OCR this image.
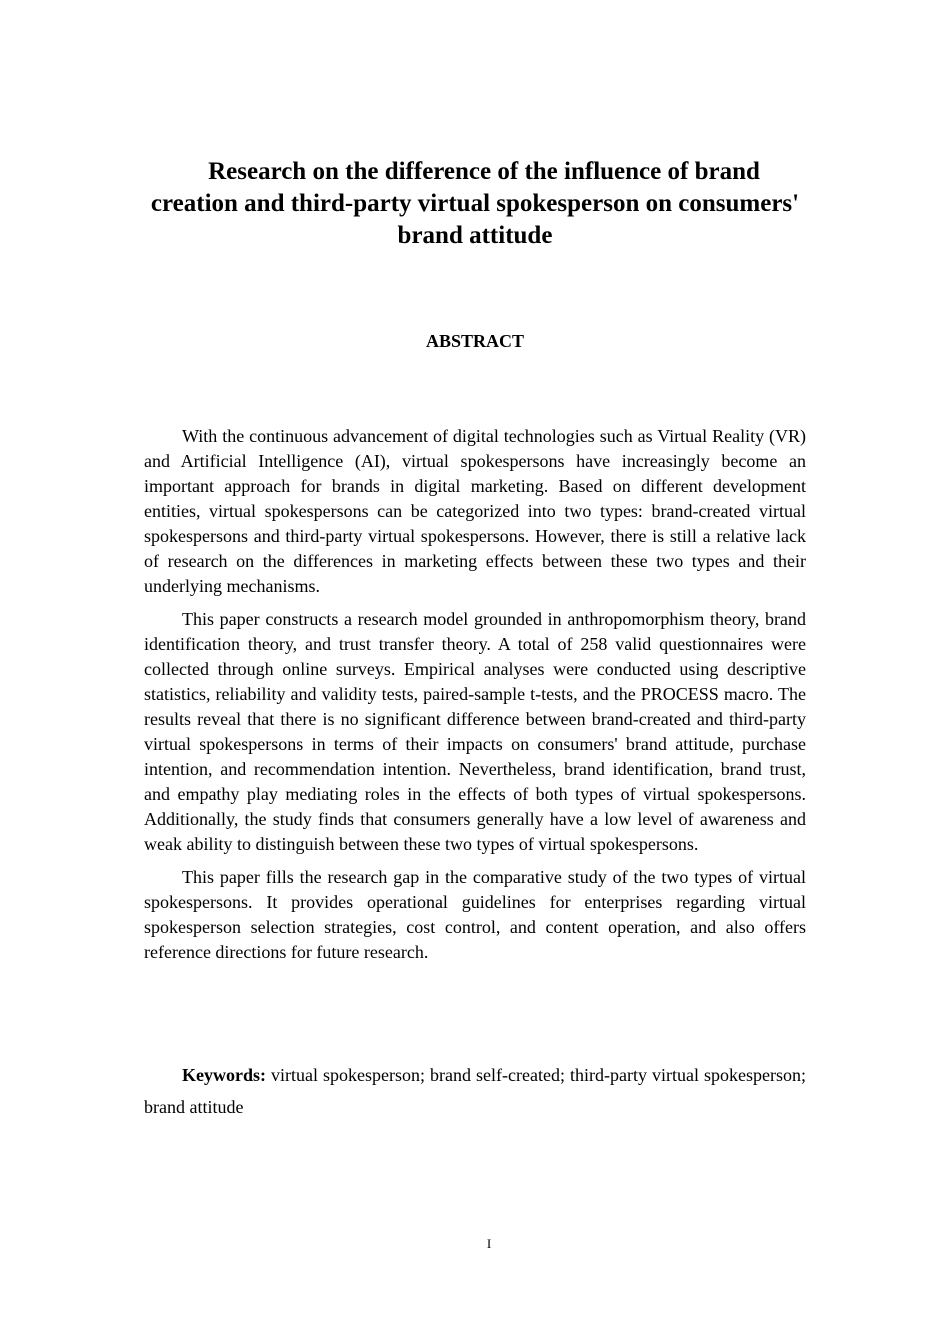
Research on the difference of the influence of brand
creation and third-party virtual spokesperson on consumers'
brand attitude
ABSTRACT

With the continuous advancement of digital technologies such as Virtual Reality (VR) and Artificial Intelligence (AI), virtual spokespersons have increasingly become an important approach for brands in digital marketing. Based on different development entities, virtual spokespersons can be categorized into two types: brand-created virtual spokespersons and third-party virtual spokespersons. However, there is still a relative lack of research on the differences in marketing effects between these two types and their underlying mechanisms.

This paper constructs a research model grounded in anthropomorphism theory, brand identification theory, and trust transfer theory. A total of 258 valid questionnaires were collected through online surveys. Empirical analyses were conducted using descriptive statistics, reliability and validity tests, paired-sample t-tests, and the PROCESS macro. The results reveal that there is no significant difference between brand-created and third-party virtual spokespersons in terms of their impacts on consumers' brand attitude, purchase intention, and recommendation intention. Nevertheless, brand identification, brand trust, and empathy play mediating roles in the effects of both types of virtual spokespersons. Additionally, the study finds that consumers generally have a low level of awareness and weak ability to distinguish between these two types of virtual spokespersons.

This paper fills the research gap in the comparative study of the two types of virtual spokespersons. It provides operational guidelines for enterprises regarding virtual spokesperson selection strategies, cost control, and content operation, and also offers reference directions for future research.

Keywords: virtual spokesperson; brand self-created; third-party virtual spokesperson; brand attitude

I
